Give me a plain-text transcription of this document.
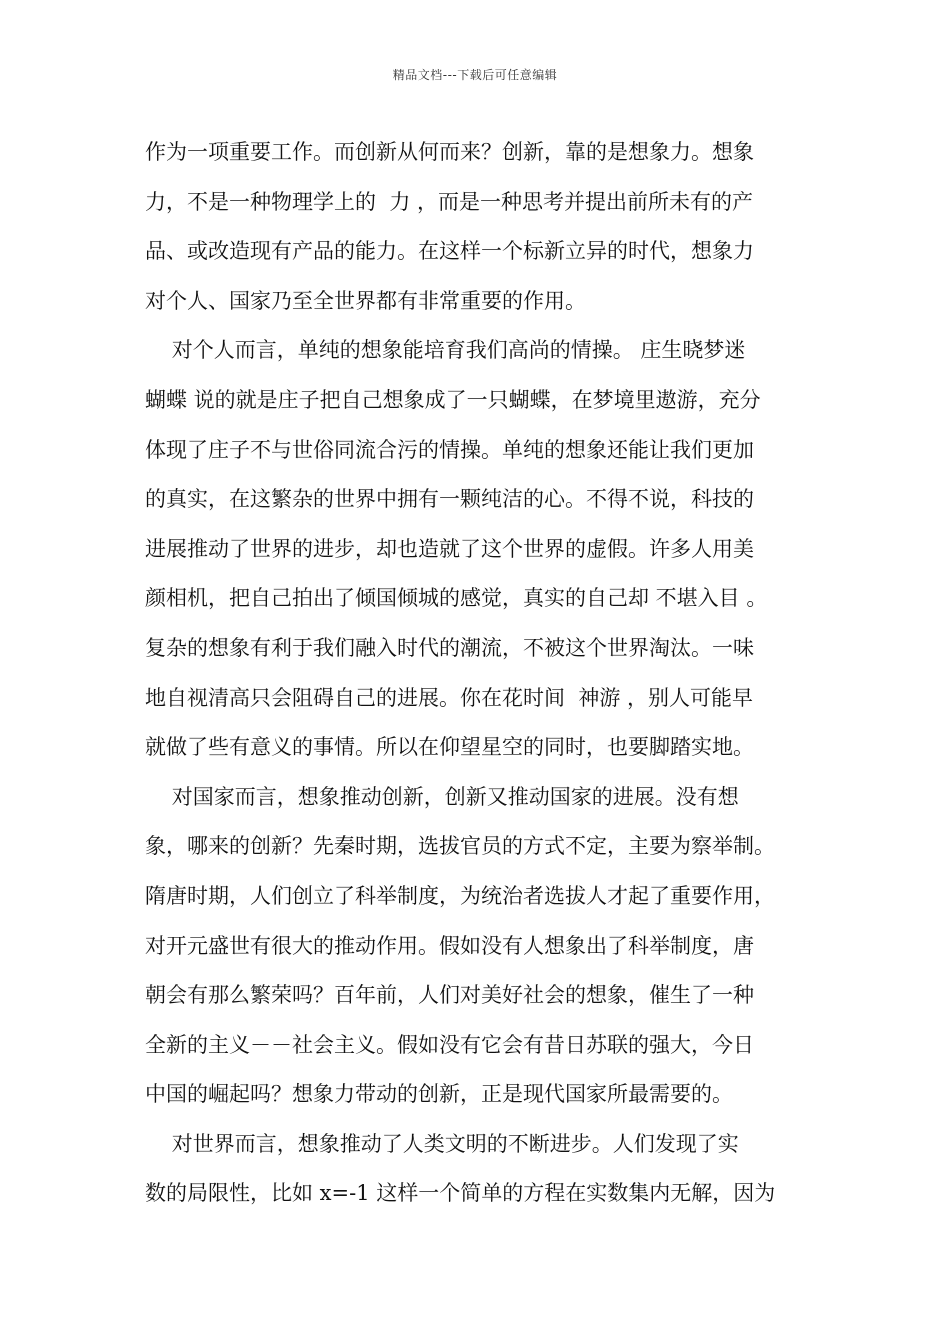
精品文档---下载后可任意编辑
作为一项重要工作。而创新从何而来？创新，靠的是想象力。想象
力，不是一种物理学上的  力 ，而是一种思考并提出前所未有的产
品、或改造现有产品的能力。在这样一个标新立异的时代，想象力
对个人、国家乃至全世界都有非常重要的作用。
对个人而言，单纯的想象能培育我们高尚的情操。 庄生晓梦迷
蝴蝶 说的就是庄子把自己想象成了一只蝴蝶，在梦境里遨游，充分
体现了庄子不与世俗同流合污的情操。单纯的想象还能让我们更加
的真实，在这繁杂的世界中拥有一颗纯洁的心。不得不说，科技的
进展推动了世界的进步，却也造就了这个世界的虚假。许多人用美
颜相机，把自己拍出了倾国倾城的感觉，真实的自己却 不堪入目 。
复杂的想象有利于我们融入时代的潮流，不被这个世界淘汰。一味
地自视清高只会阻碍自己的进展。你在花时间  神游 ，别人可能早
就做了些有意义的事情。所以在仰望星空的同时，也要脚踏实地。
对国家而言，想象推动创新，创新又推动国家的进展。没有想
象，哪来的创新？先秦时期，选拔官员的方式不定，主要为察举制。
隋唐时期，人们创立了科举制度，为统治者选拔人才起了重要作用，
对开元盛世有很大的推动作用。假如没有人想象出了科举制度，唐
朝会有那么繁荣吗？百年前，人们对美好社会的想象，催生了一种
全新的主义－－社会主义。假如没有它会有昔日苏联的强大，今日
中国的崛起吗？想象力带动的创新，正是现代国家所最需要的。
对世界而言，想象推动了人类文明的不断进步。人们发现了实
数的局限性，比如 x=-1 这样一个简单的方程在实数集内无解，因为
